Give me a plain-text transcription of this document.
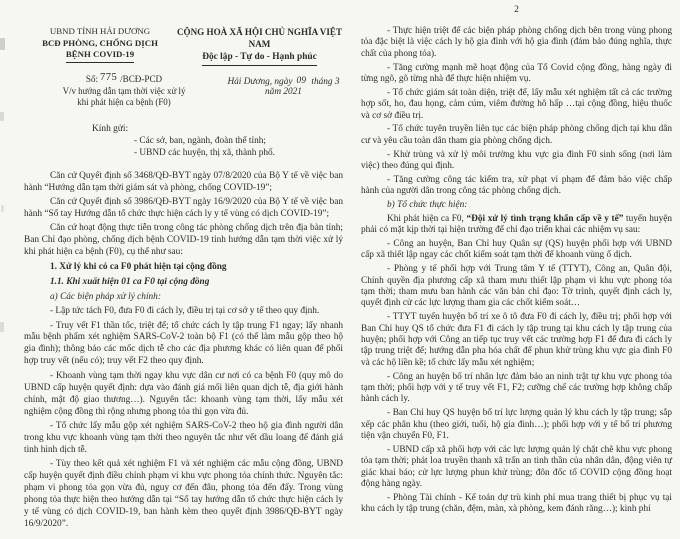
UBND TỈNH HẢI DƯƠNG
BCĐ PHÒNG, CHỐNG DỊCH
BỆNH COVID-19
CỘNG HOÀ XÃ HỘI CHỦ NGHĨA VIỆT NAM
Độc lập - Tự do - Hạnh phúc
Số: 775 /BCĐ-PCD
V/v hướng dẫn tạm thời việc xử lý
khi phát hiện ca bệnh (F0)
Hải Dương, ngày 09 tháng 3 năm 2021
Kính gửi:
- Các sở, ban, ngành, đoàn thể tỉnh;
- UBND các huyện, thị xã, thành phố.
Căn cứ Quyết định số 3468/QĐ-BYT ngày 07/8/2020 của Bộ Y tế về việc ban hành “Hướng dẫn tạm thời giám sát và phòng, chống COVID-19”;
Căn cứ Quyết định số 3986/QĐ-BYT ngày 16/9/2020 của Bộ Y tế về việc ban hành “Sổ tay Hướng dẫn tổ chức thực hiện cách ly y tế vùng có dịch COVID-19”;
Căn cứ hoạt động thực tiễn trong công tác phòng chống dịch trên địa bàn tỉnh; Ban Chỉ đạo phòng, chống dịch bệnh COVID-19 tỉnh hướng dẫn tạm thời việc xử lý khi phát hiện ca bệnh (F0), cụ thể như sau:
1. Xử lý khi có ca F0 phát hiện tại cộng đồng
1.1. Khi xuất hiện 01 ca F0 tại cộng đồng
a) Các biện pháp xử lý chính:
- Lập tức tách F0, đưa F0 đi cách ly, điều trị tại cơ sở y tế theo quy định.
- Truy vết F1 thần tốc, triệt để; tổ chức cách ly tập trung F1 ngay; lấy nhanh mẫu bệnh phẩm xét nghiệm SARS-CoV-2 toàn bộ F1 (có thể làm mẫu gộp theo hộ gia đình); thông báo các mốc dịch tễ cho các địa phương khác có liên quan để phối hợp truy vết (nếu có); truy vết F2 theo quy định.
- Khoanh vùng tạm thời ngay khu vực dân cư nơi có ca bệnh F0 (quy mô do UBND cấp huyện quyết định: dựa vào đánh giá mối liên quan dịch tễ, địa giới hành chính, mật độ giao thương…). Nguyên tắc: khoanh vùng tạm thời, lấy mẫu xét nghiệm cộng đồng thì rộng nhưng phong tỏa thì gọn vừa đủ.
- Tổ chức lấy mẫu gộp xét nghiệm SARS-CoV-2 theo hộ gia đình người dân trong khu vực khoanh vùng tạm thời theo nguyên tắc như vết dầu loang để đánh giá tình hình dịch tễ.
- Tùy theo kết quả xét nghiệm F1 và xét nghiệm các mẫu cộng đồng, UBND cấp huyện quyết định điều chỉnh phạm vi khu vực phong tỏa chính thức. Nguyên tắc: phạm vi phong tỏa gọn vừa đủ, nguy cơ đến đâu, phong tỏa đến đấy. Trong vùng phong tỏa thực hiện theo hướng dẫn tại “Sổ tay hướng dẫn tổ chức thực hiện cách ly y tế vùng có dịch COVID-19, ban hành kèm theo quyết định 3986/QĐ-BYT ngày 16/9/2020”.
2
- Thực hiện triệt để các biện pháp phòng chống dịch bên trong vùng phong tỏa đặc biệt là việc cách ly hộ gia đình với hộ gia đình (đảm bảo đúng nghĩa, thực chất của phong tỏa).
- Tăng cường mạnh mẽ hoạt động của Tổ Covid cộng đồng, hàng ngày đi từng ngõ, gõ từng nhà để thực hiện nhiệm vụ.
- Tổ chức giám sát toàn diện, triệt để, lấy mẫu xét nghiệm tất cả các trường hợp sốt, ho, đau họng, cảm cúm, viêm đường hô hấp …tại cộng đồng, hiệu thuốc và cơ sở điều trị.
- Tổ chức tuyên truyền liên tục các biện pháp phòng chống dịch tại khu dân cư và yêu cầu toàn dân tham gia phòng chống dịch.
- Khử trùng và xử lý môi trường khu vực gia đình F0 sinh sống (nơi làm việc) theo đúng qui định.
- Tăng cường công tác kiểm tra, xử phạt vi phạm để đảm bảo việc chấp hành của người dân trong công tác phòng chống dịch.
b) Tổ chức thực hiện:
Khi phát hiện ca F0, “Đội xử lý tình trạng khẩn cấp về y tế” tuyến huyện phải có mặt kịp thời tại hiện trường để chỉ đạo triển khai các nhiệm vụ sau:
- Công an huyện, Ban Chỉ huy Quân sự (QS) huyện phối hợp với UBND cấp xã thiết lập ngay các chốt kiểm soát tạm thời để khoanh vùng ổ dịch.
- Phòng y tế phối hợp với Trung tâm Y tế (TTYT), Công an, Quân đội, Chính quyền địa phương cấp xã tham mưu thiết lập phạm vi khu vực phong tỏa tạm thời; tham mưu ban hành các văn bản chỉ đạo: Tờ trình, quyết định cách ly, quyết định cử các lực lượng tham gia các chốt kiểm soát…
- TTYT tuyến huyện bố trí xe ô tô đưa F0 đi cách ly, điều trị; phối hợp với Ban Chỉ huy QS tổ chức đưa F1 đi cách ly tập trung tại khu cách ly tập trung của huyện; phối hợp với Công an tiếp tục truy vết các trường hợp F1 để đưa đi cách ly tập trung triệt để; hướng dẫn pha hóa chất để phun khử trùng khu vực gia đình F0 và các hộ liền kề; tổ chức lấy mẫu xét nghiệm;
- Công an huyện bố trí nhân lực đảm bảo an ninh trật tự khu vực phong tỏa tạm thời; phối hợp với y tế truy vết F1, F2; cưỡng chế các trường hợp không chấp hành cách ly.
- Ban Chỉ huy QS huyện bố trí lực lượng quản lý khu cách ly tập trung; sắp xếp các phân khu (theo giới, tuổi, hộ gia đình…); phối hợp với y tế bố trí phương tiện vận chuyển F0, F1.
- UBND cấp xã phối hợp với các lực lượng quản lý chặt chẽ khu vực phong tỏa tạm thời; phát loa truyền thanh xã trấn an tinh thần của nhân dân, động viên tự giác khai báo; cử lực lượng phun khử trùng; đôn đốc tổ COVID cộng đồng hoạt động hàng ngày.
- Phòng Tài chính - Kế toán dự trù kinh phí mua trang thiết bị phục vụ tại khu cách ly tập trung (chăn, đệm, màn, xà phòng, kem đánh răng…); kinh phí
